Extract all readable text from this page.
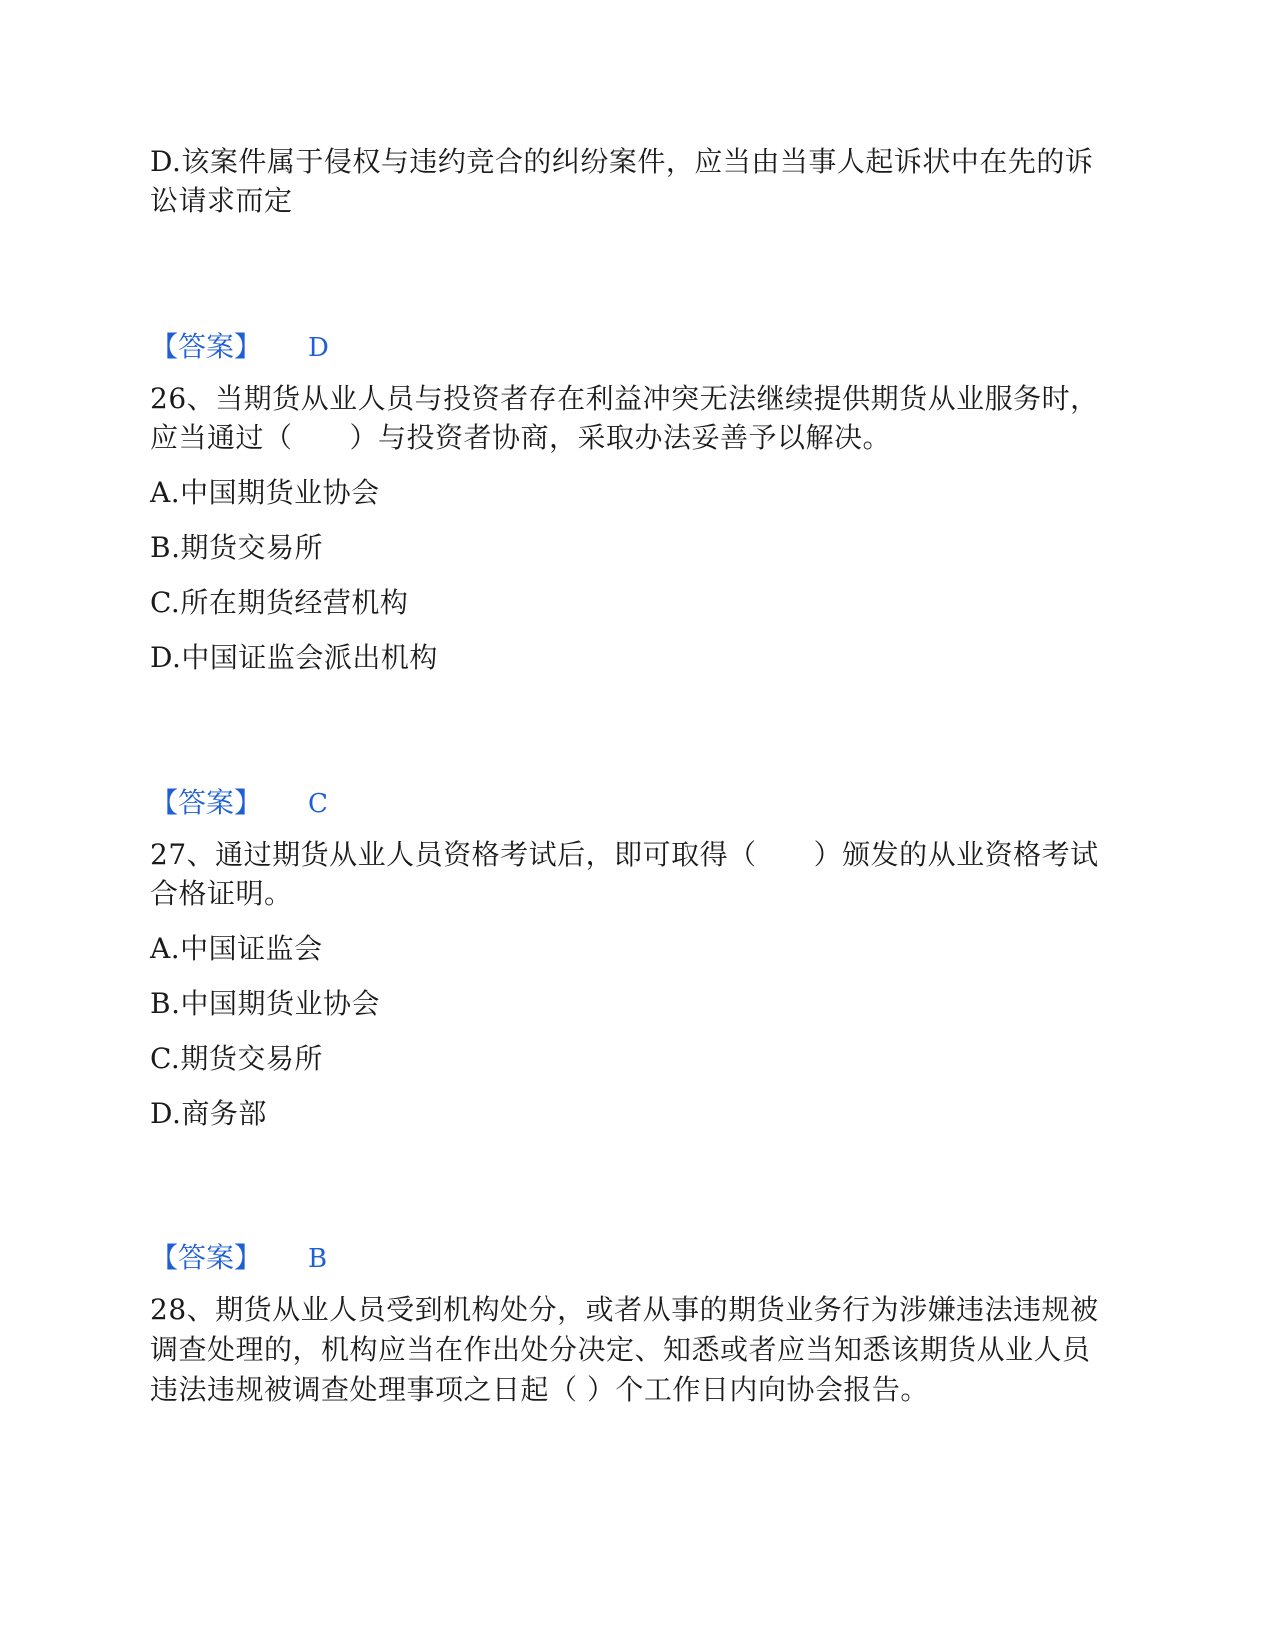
D.该案件属于侵权与违约竞合的纠纷案件，应当由当事人起诉状中在先的诉
讼请求而定
【答案】 D
26、当期货从业人员与投资者存在利益冲突无法继续提供期货从业服务时，
应当通过（　　）与投资者协商，采取办法妥善予以解决。
A.中国期货业协会
B.期货交易所
C.所在期货经营机构
D.中国证监会派出机构
【答案】 C
27、通过期货从业人员资格考试后，即可取得（　　）颁发的从业资格考试
合格证明。
A.中国证监会
B.中国期货业协会
C.期货交易所
D.商务部
【答案】 B
28、期货从业人员受到机构处分，或者从事的期货业务行为涉嫌违法违规被
调查处理的，机构应当在作出处分决定、知悉或者应当知悉该期货从业人员
违法违规被调查处理事项之日起（ ）个工作日内向协会报告。
